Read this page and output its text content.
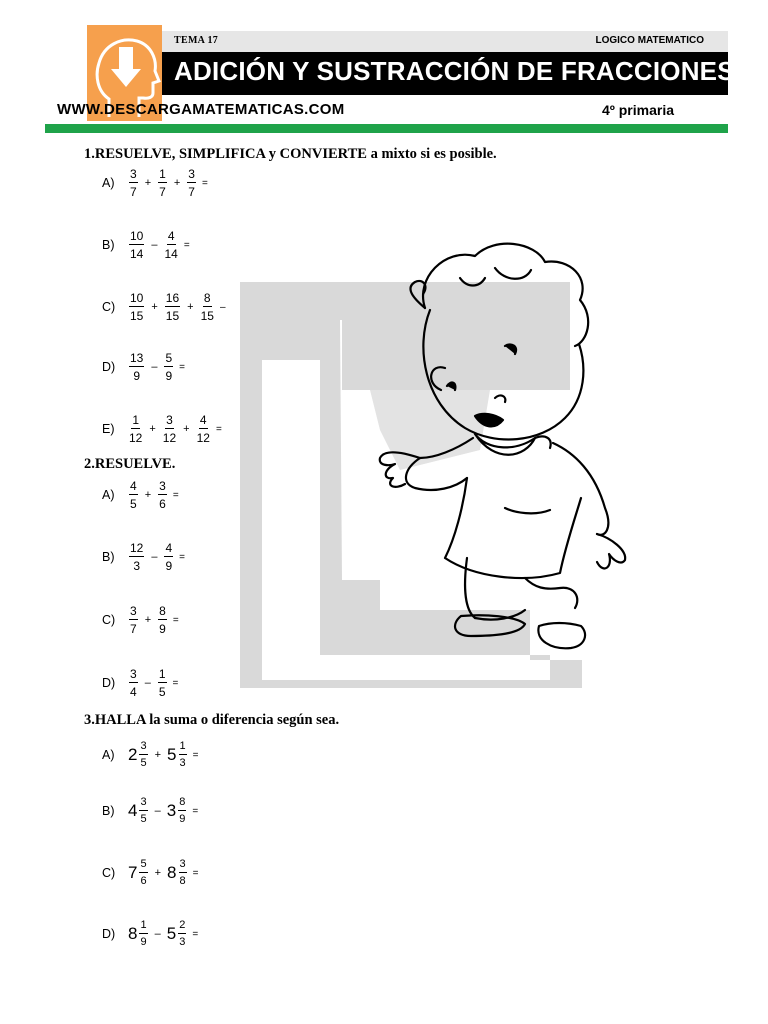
TEMA 17	LOGICO MATEMATICO
ADICIÓN Y SUSTRACCIÓN DE FRACCIONES
WWW.DESCARGAMATEMATICAS.COM	4º primaria
1.RESUELVE, SIMPLIFICA y CONVIERTE a mixto si es posible.
A)	$\frac{3}{7} + \frac{1}{7} + \frac{3}{7}$ =
B)	$\frac{10}{14} - \frac{4}{14}$ =
C)	$\frac{10}{15} + \frac{16}{15} + \frac{8}{15}$ –
D)	$\frac{13}{9} - \frac{5}{9}$ =
E)	$\frac{1}{12} + \frac{3}{12} + \frac{4}{12}$ =
2.RESUELVE.
A)	$\frac{4}{5} + \frac{3}{6}$ =
B)	$\frac{12}{3} - \frac{4}{9}$ =
C)	$\frac{3}{7} + \frac{8}{9}$ =
D)	$\frac{3}{4} - \frac{1}{5}$ =
3.HALLA la suma o diferencia según sea.
A) $2 \frac{3}{5} + 5 \frac{1}{3}$ =
B) $4 \frac{3}{5} - 3 \frac{8}{9}$ =
C) $7 \frac{5}{6} + 8 \frac{3}{8}$ =
D) $8 \frac{1}{9} - 5 \frac{2}{3}$ =
